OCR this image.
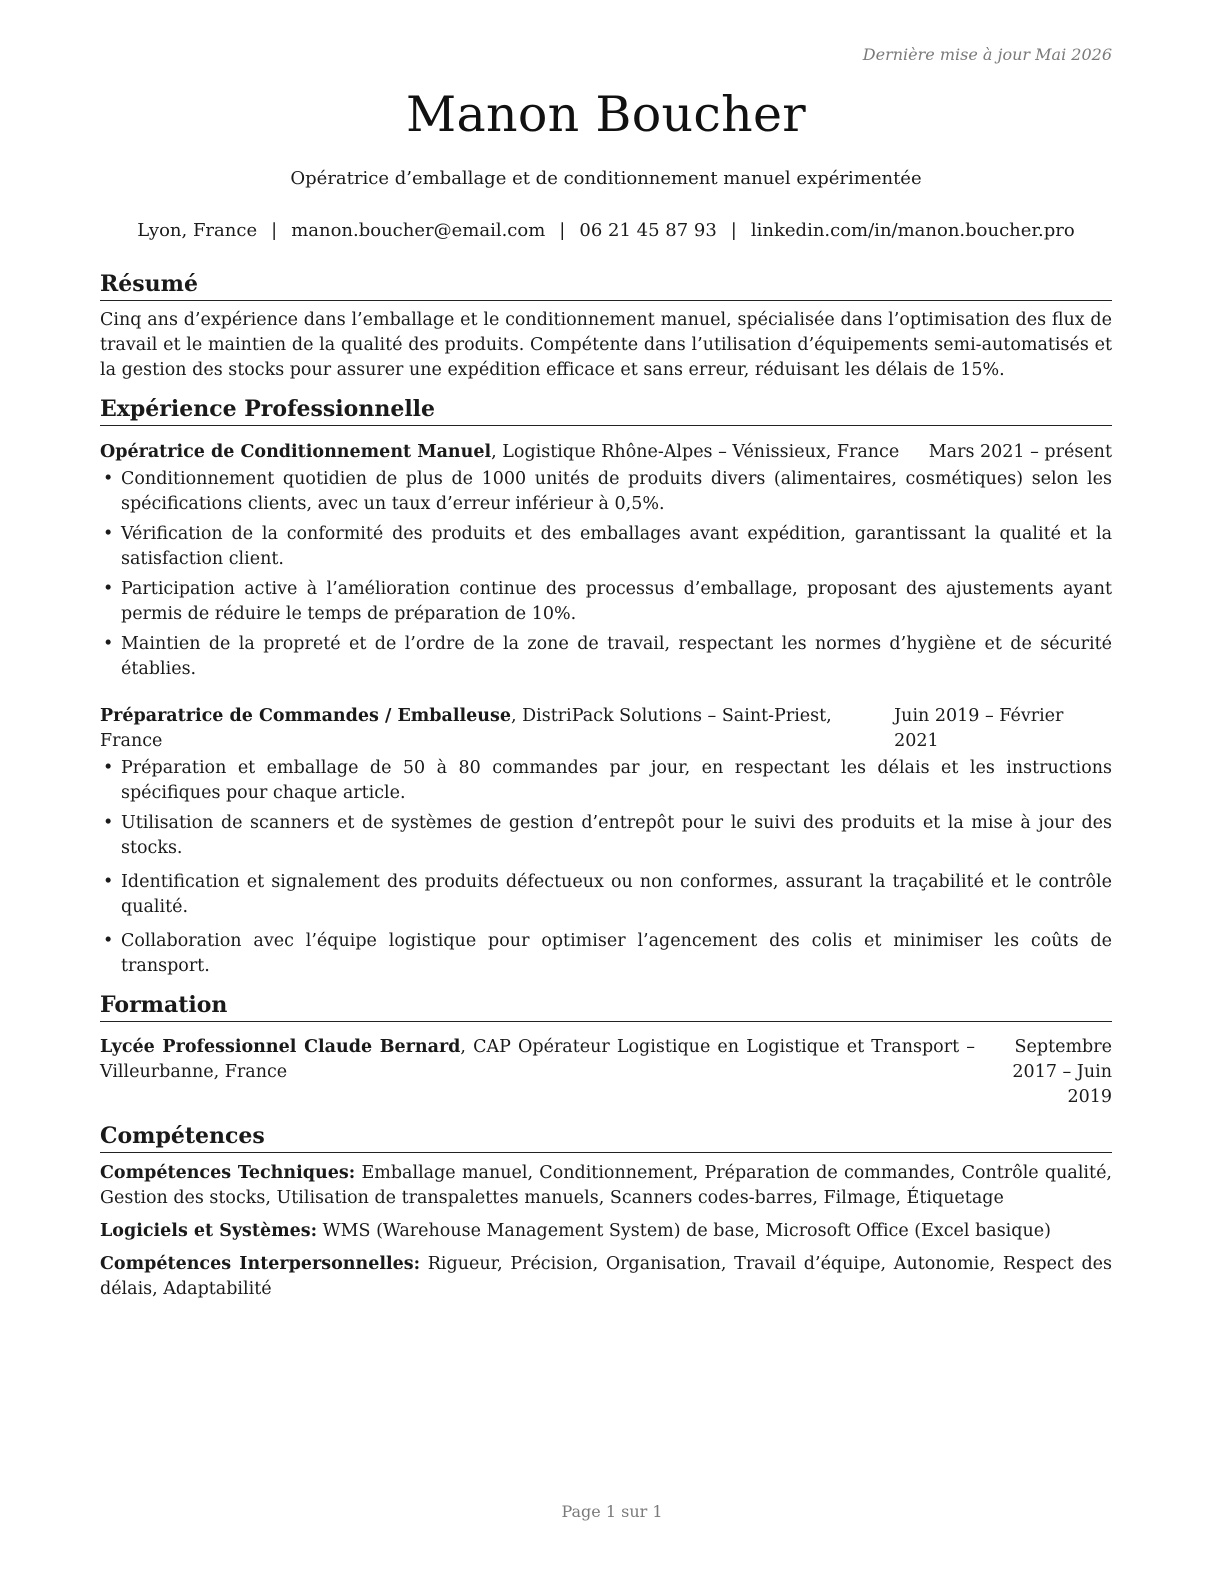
Dernière mise à jour Mai 2026
Manon Boucher
Opératrice d’emballage et de conditionnement manuel expérimentée
Lyon, France | manon.boucher@email.com | 06 21 45 87 93 | linkedin.com/in/manon.boucher.pro
Résumé

Cinq ans d’expérience dans l’emballage et le conditionnement manuel, spécialisée dans l’optimisation des flux de travail et le maintien de la qualité des produits. Compétente dans l’utilisation d’équipements semi-automatisés et la gestion des stocks pour assurer une expédition efficace et sans erreur, réduisant les délais de 15%.

Expérience Professionnelle
Opératrice de Conditionnement Manuel, Logistique Rhône-Alpes – Vénissieux, France Mars 2021 – présent
• Conditionnement quotidien de plus de 1000 unités de produits divers (alimentaires, cosmétiques) selon les spécifications clients, avec un taux d’erreur inférieur à 0,5%.
• Vérification de la conformité des produits et des emballages avant expédition, garantissant la qualité et la satisfaction client.
• Participation active à l’amélioration continue des processus d’emballage, proposant des ajustements ayant permis de réduire le temps de préparation de 10%.
• Maintien de la propreté et de l’ordre de la zone de travail, respectant les normes d’hygiène et de sécurité établies.
Préparatrice de Commandes / Emballeuse, DistriPack Solutions – Saint-Priest, France
Juin 2019 – Février 2021
• Préparation et emballage de 50 à 80 commandes par jour, en respectant les délais et les instructions spécifiques pour chaque article.
• Utilisation de scanners et de systèmes de gestion d’entrepôt pour le suivi des produits et la mise à jour des stocks.
• Identification et signalement des produits défectueux ou non conformes, assurant la traçabilité et le contrôle qualité.
• Collaboration avec l’équipe logistique pour optimiser l’agencement des colis et minimiser les coûts de transport.
Formation
Lycée Professionnel Claude Bernard, CAP Opérateur Logistique en Logistique et Transport – Villeurbanne, France
Septembre 2017 – Juin 2019
Compétences

Compétences Techniques: Emballage manuel, Conditionnement, Préparation de commandes, Contrôle qualité, Gestion des stocks, Utilisation de transpalettes manuels, Scanners codes-barres, Filmage, Étiquetage

Logiciels et Systèmes: WMS (Warehouse Management System) de base, Microsoft Office (Excel basique)

Compétences Interpersonnelles: Rigueur, Précision, Organisation, Travail d’équipe, Autonomie, Respect des délais, Adaptabilité

Page 1 sur 1
